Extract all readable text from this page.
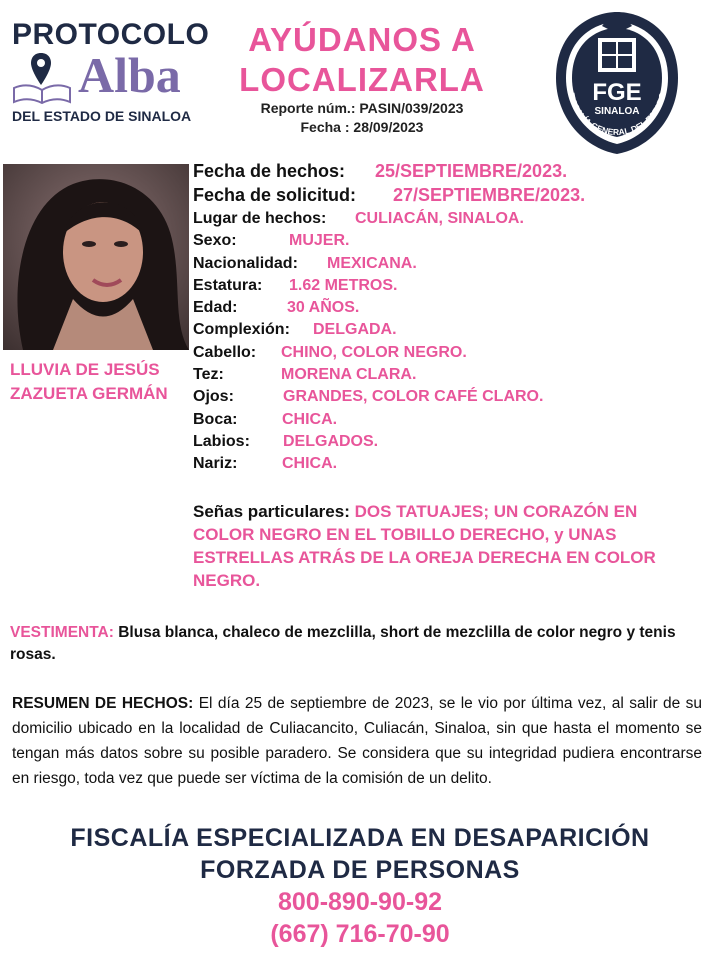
PROTOCOLO
Alba
DEL ESTADO DE SINALOA
AYÚDANOS A
LOCALIZARLA
Reporte núm.: PASIN/039/2023
Fecha : 28/09/2023
FGE
SINALOA
FISCALÍA GENERAL DEL ESTADO
LLUVIA DE JESÚS
ZAZUETA GERMÁN
Fecha de hechos: 25/SEPTIEMBRE/2023.
Fecha de solicitud: 27/SEPTIEMBRE/2023.
Lugar de hechos: CULIACÁN, SINALOA.
Sexo:	MUJER.
Nacionalidad: MEXICANA.
Estatura: 1.62 METROS.
Edad:	30 AÑOS.
Complexión: DELGADA.
Cabello: CHINO, COLOR NEGRO.
Tez:	MORENA CLARA.
Ojos:	GRANDES, COLOR CAFÉ CLARO.
Boca:	CHICA.
Labios: DELGADOS.
Nariz:	CHICA.
Señas particulares: DOS TATUAJES; UN CORAZÓN EN COLOR NEGRO EN EL TOBILLO DERECHO, y UNAS ESTRELLAS ATRÁS DE LA OREJA DERECHA EN COLOR NEGRO.
VESTIMENTA: Blusa blanca, chaleco de mezclilla, short de mezclilla de color negro y tenis rosas.
RESUMEN DE HECHOS: El día 25 de septiembre de 2023, se le vio por última vez, al salir de su domicilio ubicado en la localidad de Culiacancito, Culiacán, Sinaloa, sin que hasta el momento se tengan más datos sobre su posible paradero. Se considera que su integridad pudiera encontrarse en riesgo, toda vez que puede ser víctima de la comisión de un delito.
FISCALÍA ESPECIALIZADA EN DESAPARICIÓN
FORZADA DE PERSONAS
800-890-90-92
(667) 716-70-90
